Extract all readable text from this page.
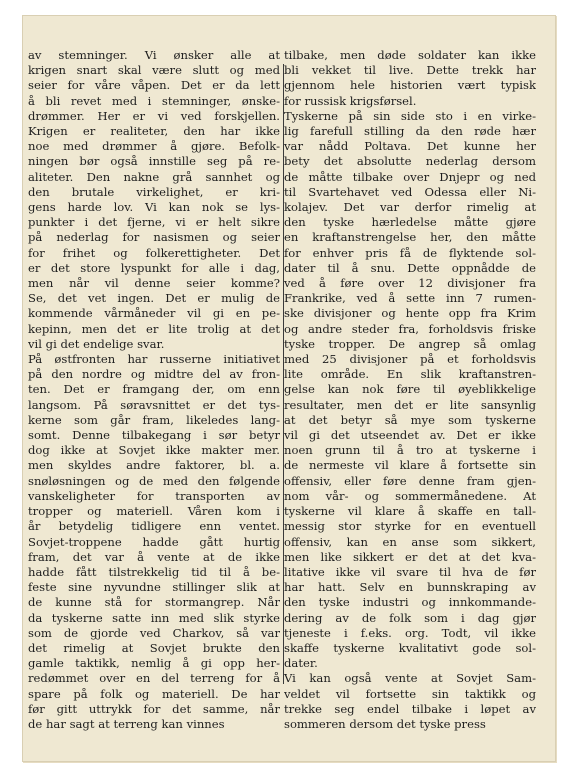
av stemninger. Vi ønsker alle at
krigen snart skal være slutt og med
seier for våre våpen. Det er da lett
å bli revet med i stemninger, ønske-
drømmer. Her er vi ved forskjellen.
Krigen er realiteter, den har ikke
noe med drømmer å gjøre. Befolk-
ningen bør også innstille seg på re-
aliteter. Den nakne grå sannhet og
den brutale virkelighet, er kri-
gens harde lov. Vi kan nok se lys-
punkter i det fjerne, vi er helt sikre
på nederlag for nasismen og seier
for frihet og folkerettigheter. Det
er det store lyspunkt for alle i dag,
men når vil denne seier komme?
Se, det vet ingen. Det er mulig de
kommende vårmåneder vil gi en pe-
kepinn, men det er lite trolig at det
vil gi det endelige svar.
På østfronten har russerne initiativet
på den nordre og midtre del av fron-
ten. Det er framgang der, om enn
langsom. På søravsnittet er det tys-
kerne som går fram, likeledes lang-
somt. Denne tilbakegang i sør betyr
dog ikke at Sovjet ikke makter mer.
men skyldes andre faktorer, bl. a.
snøløsningen og de med den følgende
vanskeligheter for transporten av
tropper og materiell. Våren kom i
år betydelig tidligere enn ventet.
Sovjet-troppene hadde gått hurtig
fram, det var å vente at de ikke
hadde fått tilstrekkelig tid til å be-
feste sine nyvundne stillinger slik at
de kunne stå for stormangrep. Når
da tyskerne satte inn med slik styrke
som de gjorde ved Charkov, så var
det rimelig at Sovjet brukte den
gamle taktikk, nemlig å gi opp her-
redømmet over en del terreng for å
spare på folk og materiell. De har
før gitt uttrykk for det samme, når
de har sagt at terreng kan vinnes
tilbake, men døde soldater kan ikke
bli vekket til live. Dette trekk har
gjennom hele historien vært typisk
for russisk krigsførsel.
Tyskerne på sin side sto i en virke-
lig farefull stilling da den røde hær
var nådd Poltava. Det kunne her
bety det absolutte nederlag dersom
de måtte tilbake over Dnjepr og ned
til Svartehavet ved Odessa eller Ni-
kolajev. Det var derfor rimelig at
den tyske hærledelse måtte gjøre
en kraftanstrengelse her, den måtte
for enhver pris få de flyktende sol-
dater til å snu. Dette oppnådde de
ved å føre over 12 divisjoner fra
Frankrike, ved å sette inn 7 rumen-
ske divisjoner og hente opp fra Krim
og andre steder fra, forholdsvis friske
tyske tropper. De angrep så omlag
med 25 divisjoner på et forholdsvis
lite område. En slik kraftanstren-
gelse kan nok føre til øyeblikkelige
resultater, men det er lite sansynlig
at det betyr så mye som tyskerne
vil gi det utseendet av. Det er ikke
noen grunn til å tro at tyskerne i
de nermeste vil klare å fortsette sin
offensiv, eller føre denne fram gjen-
nom vår- og sommermånedene. At
tyskerne vil klare å skaffe en tall-
messig stor styrke for en eventuell
offensiv, kan en anse som sikkert,
men like sikkert er det at det kva-
litative ikke vil svare til hva de før
har hatt. Selv en bunnskraping av
den tyske industri og innkommande-
dering av de folk som i dag gjør
tjeneste i f.eks. org. Todt, vil ikke
skaffe tyskerne kvalitativt gode sol-
dater.
Vi kan også vente at Sovjet Sam-
veldet vil fortsette sin taktikk og
trekke seg endel tilbake i løpet av
sommeren dersom det tyske press
